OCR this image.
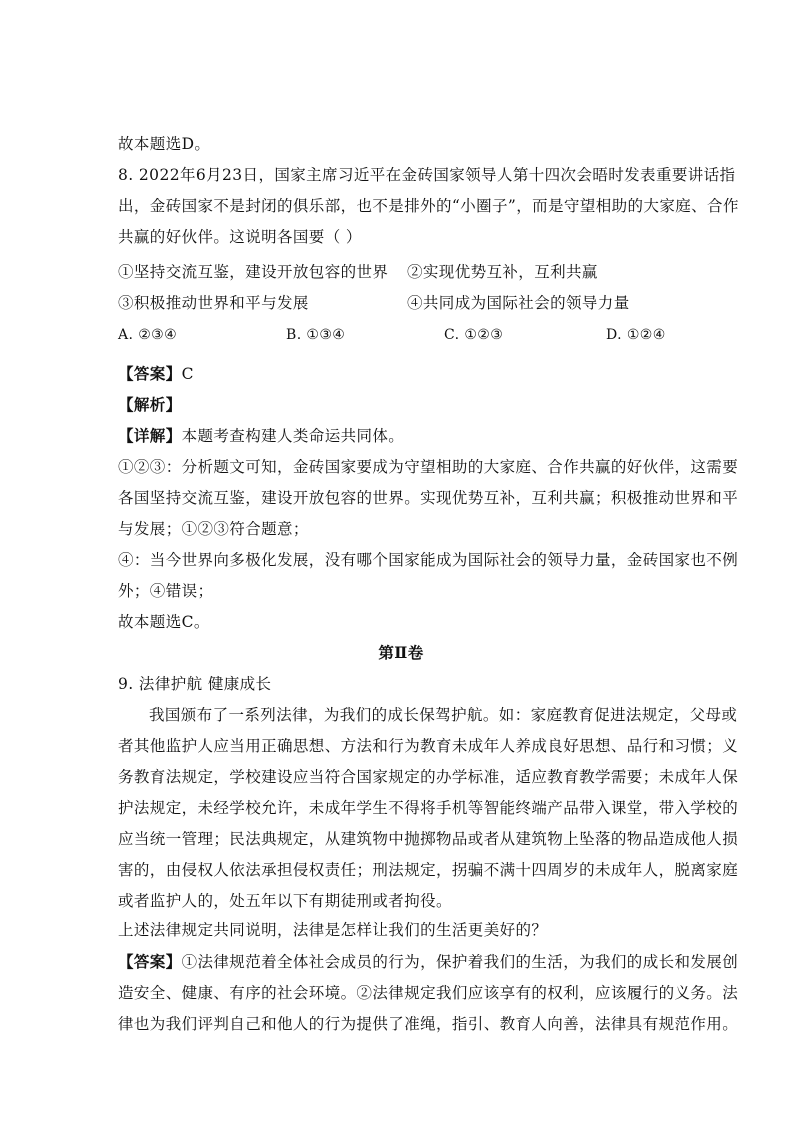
故本题选D。
8. 2022年6月23日，国家主席习近平在金砖国家领导人第十四次会晤时发表重要讲话指
出，金砖国家不是封闭的俱乐部，也不是排外的“小圈子”，而是守望相助的大家庭、合作
共赢的好伙伴。这说明各国要（ ）
①坚持交流互鉴，建设开放包容的世界 ②实现优势互补，互利共赢
③积极推动世界和平与发展	④共同成为国际社会的领导力量
A. ②③④	B. ①③④	C. ①②③	D. ①②④
【答案】C
【解析】
【详解】本题考查构建人类命运共同体。
①②③：分析题文可知，金砖国家要成为守望相助的大家庭、合作共赢的好伙伴，这需要
各国坚持交流互鉴，建设开放包容的世界。实现优势互补，互利共赢；积极推动世界和平
与发展；①②③符合题意；
④：当今世界向多极化发展，没有哪个国家能成为国际社会的领导力量，金砖国家也不例
外；④错误；
故本题选C。
第Ⅱ卷
9. 法律护航 健康成长
我国颁布了一系列法律，为我们的成长保驾护航。如：家庭教育促进法规定，父母或
者其他监护人应当用正确思想、方法和行为教育未成年人养成良好思想、品行和习惯；义
务教育法规定，学校建设应当符合国家规定的办学标准，适应教育教学需要；未成年人保
护法规定，未经学校允许，未成年学生不得将手机等智能终端产品带入课堂，带入学校的
应当统一管理；民法典规定，从建筑物中抛掷物品或者从建筑物上坠落的物品造成他人损
害的，由侵权人依法承担侵权责任；刑法规定，拐骗不满十四周岁的未成年人，脱离家庭
或者监护人的，处五年以下有期徒刑或者拘役。
上述法律规定共同说明，法律是怎样让我们的生活更美好的？
【答案】①法律规范着全体社会成员的行为，保护着我们的生活，为我们的成长和发展创
造安全、健康、有序的社会环境。②法律规定我们应该享有的权利，应该履行的义务。法
律也为我们评判自己和他人的行为提供了准绳，指引、教育人向善，法律具有规范作用。
